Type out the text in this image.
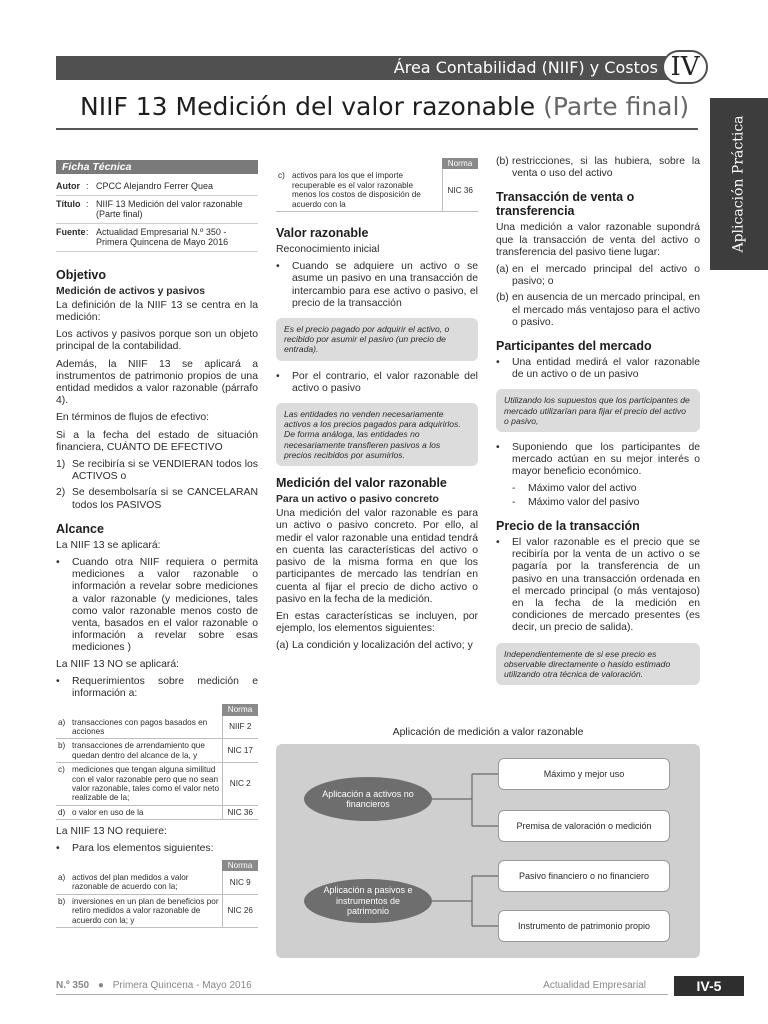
Área Contabilidad (NIIF) y Costos IV
NIIF 13 Medición del valor razonable (Parte final)
Aplicación Práctica
Ficha Técnica
Autor : CPCC Alejandro Ferrer Quea
Título : NIIF 13 Medición del valor razonable (Parte final)
Fuente : Actualidad Empresarial N.º 350 - Primera Quincena de Mayo 2016
Objetivo
Medición de activos y pasivos

La definición de la NIIF 13 se centra en la medición:

Los activos y pasivos porque son un objeto principal de la contabilidad.

Además, la NIIF 13 se aplicará a instrumentos de patrimonio propios de una entidad medidos a valor razonable (párrafo 4).

En términos de flujos de efectivo:

Si a la fecha del estado de situación financiera, CUÁNTO DE EFECTIVO

1) Se recibiría si se VENDIERAN todos los ACTIVOS o
2) Se desembolsaría si se CANCELARAN todos los PASIVOS
Alcance

La NIIF 13 se aplicará:

•	Cuando otra NIIF requiera o permita mediciones a valor razonable o información a revelar sobre mediciones a valor razonable (y mediciones, tales como valor razonable menos costo de venta, basados en el valor razonable o información a revelar sobre esas mediciones )

La NIIF 13 NO se aplicará:

•	Requerimientos sobre medición e información a:
		Norma
a)	transacciones con pagos basados en acciones	NIIF 2
b)	transacciones de arrendamiento que quedan dentro del alcance de la, y	NIC 17
c)	mediciones que tengan alguna similitud con el valor razonable pero que no sean valor razonable, tales como el valor neto realizable de la;	NIC 2
d)	o valor en uso de la	NIC 36

La NIIF 13 NO requiere:

•	Para los elementos siguientes:
		Norma
a)	activos del plan medidos a valor razonable de acuerdo con la;	NIC 9
b)	inversiones en un plan de beneficios por retiro medidos a valor razonable de acuerdo con la; y	NIC 26
		Norma
c)	activos para los que el importe recuperable es el valor razonable menos los costos de disposición de acuerdo con la	NIC 36
Valor razonable

Reconocimiento inicial

•	Cuando se adquiere un activo o se asume un pasivo en una transacción de intercambio para ese activo o pasivo, el precio de la transacción
Es el precio pagado por adquirir el activo, o recibido por asumir el pasivo (un precio de entrada).
•	Por el contrario, el valor razonable del activo o pasivo
Las entidades no venden necesariamente activos a los precios pagados para adquirirlos. De forma análoga, las entidades no necesariamente transfieren pasivos a los precios recibidos por asumirlos.
Medición del valor razonable
Para un activo o pasivo concreto

Una medición del valor razonable es para un activo o pasivo concreto. Por ello, al medir el valor razonable una entidad tendrá en cuenta las características del activo o pasivo de la misma forma en que los participantes de mercado las tendrían en cuenta al fijar el precio de dicho activo o pasivo en la fecha de la medición.

En estas características se incluyen, por ejemplo, los elementos siguientes:

(a) La condición y localización del activo; y
(b) restricciones, si las hubiera, sobre la venta o uso del activo
Transacción de venta o transferencia

Una medición a valor razonable supondrá que la transacción de venta del activo o transferencia del pasivo tiene lugar:

(a) en el mercado principal del activo o pasivo; o
(b) en ausencia de un mercado principal, en el mercado más ventajoso para el activo o pasivo.
Participantes del mercado
•	Una entidad medirá el valor razonable de un activo o de un pasivo
Utilizando los supuestos que los participantes de mercado utilizarían para fijar el precio del activo o pasivo,
•	Suponiendo que los participantes de mercado actúan en su mejor interés o mayor beneficio económico.
-	Máximo valor del activo
-	Máximo valor del pasivo
Precio de la transacción
•	El valor razonable es el precio que se recibiría por la venta de un activo o se pagaría por la transferencia de un pasivo en una transacción ordenada en el mercado principal (o más ventajoso) en la fecha de la medición en condiciones de mercado presentes (es decir, un precio de salida).
Independientemente de si ese precio es observable directamente o hasido estimado utilizando otra técnica de valoración.
Aplicación de medición a valor razonable
Aplicación a activos no financieros
Aplicación a pasivos e instrumentos de patrimonio
Máximo y mejor uso
Premisa de valoración o medición
Pasivo financiero o no financiero
Instrumento de patrimonio propio
N.º 350 ● Primera Quincena - Mayo 2016	Actualidad Empresarial	IV-5
